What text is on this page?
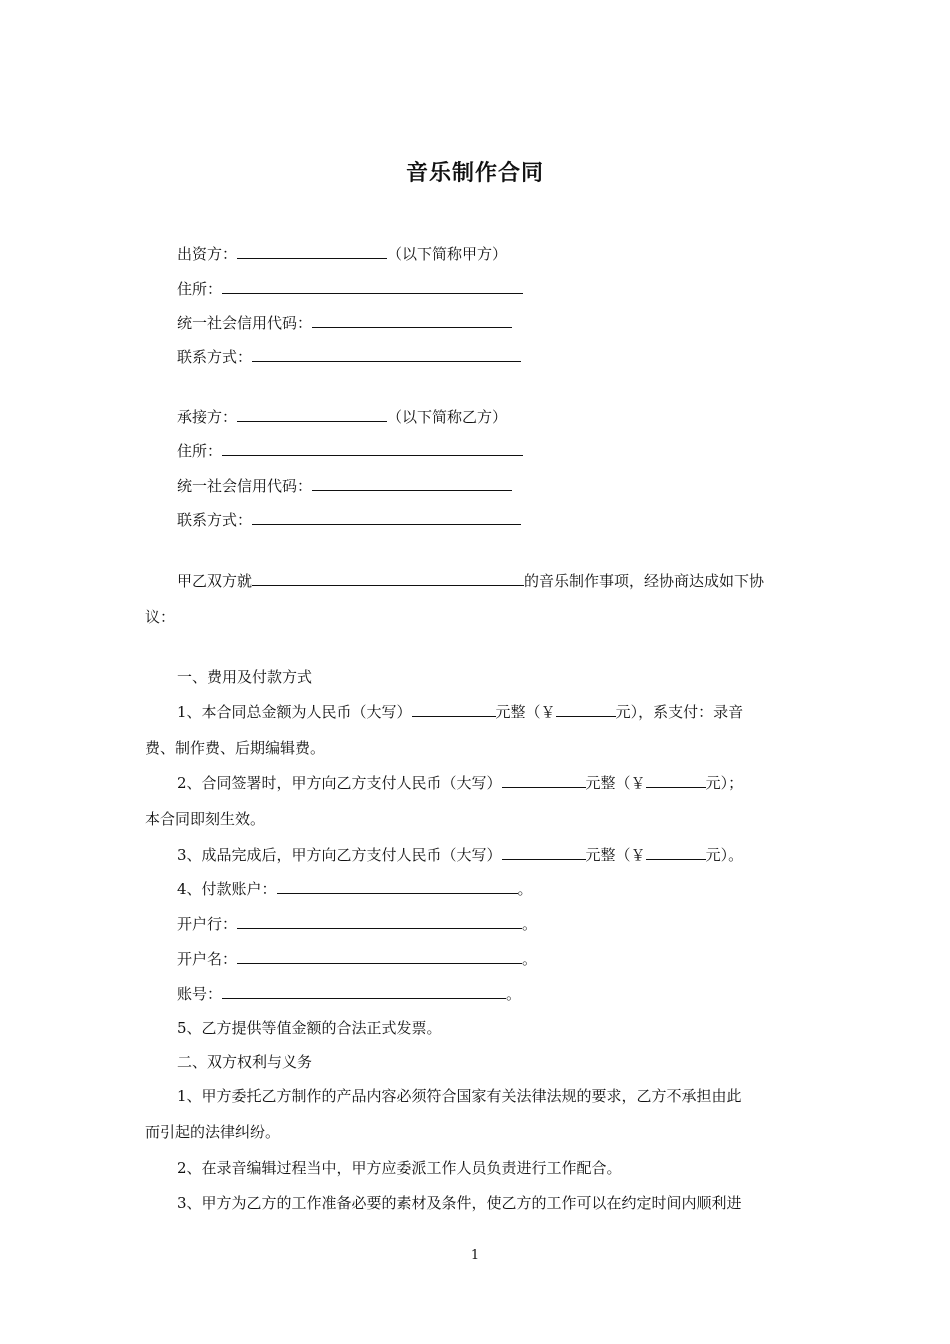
音乐制作合同
出资方：	（以下简称甲方）
住所：
统一社会信用代码：
联系方式：
承接方：	（以下简称乙方）
住所：
统一社会信用代码：
联系方式：
甲乙双方就	的音乐制作事项，经协商达成如下协
议：
一、费用及付款方式
1、本合同总金额为人民币（大写）	元整（￥	元），系支付：录音
费、制作费、后期编辑费。
2、合同签署时，甲方向乙方支付人民币（大写）	元整（￥	元）；
本合同即刻生效。
3、成品完成后，甲方向乙方支付人民币（大写）	元整（￥	元）。
4、付款账户：	。
开户行：	。
开户名：	。
账号：	。
5、乙方提供等值金额的合法正式发票。
二、双方权利与义务
1、甲方委托乙方制作的产品内容必须符合国家有关法律法规的要求，乙方不承担由此
而引起的法律纠纷。
2、在录音编辑过程当中，甲方应委派工作人员负责进行工作配合。
3、甲方为乙方的工作准备必要的素材及条件，使乙方的工作可以在约定时间内顺利进
1
